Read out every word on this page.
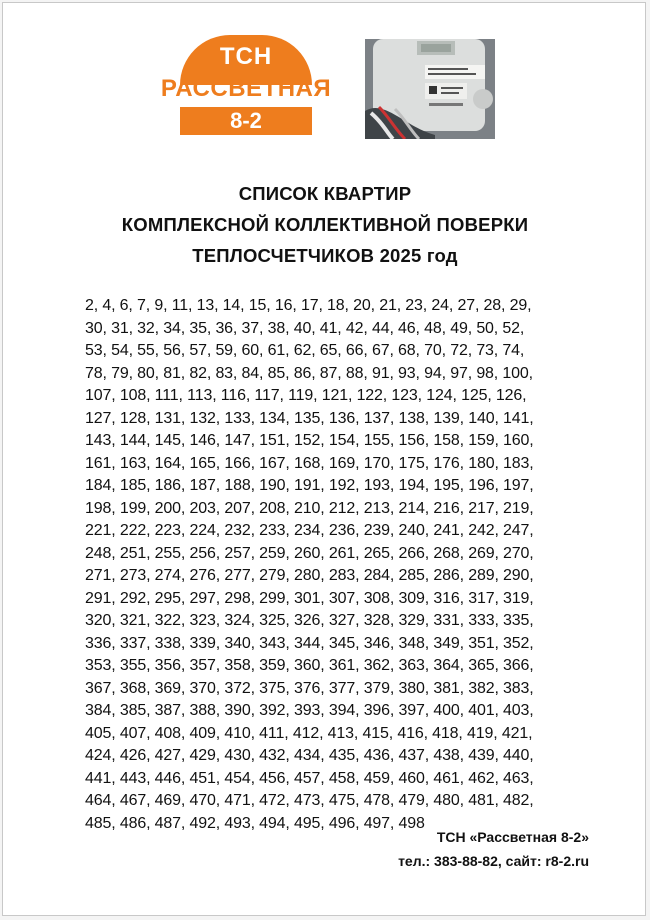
ТСН
РАССВЕТНАЯ
8-2
СПИСОК КВАРТИР
КОМПЛЕКСНОЙ КОЛЛЕКТИВНОЙ ПОВЕРКИ
ТЕПЛОСЧЕТЧИКОВ 2025 год
2, 4, 6, 7, 9, 11, 13, 14, 15, 16, 17, 18, 20, 21, 23, 24, 27, 28, 29,
30, 31, 32, 34, 35, 36, 37, 38, 40, 41, 42, 44, 46, 48, 49, 50, 52,
53, 54, 55, 56, 57, 59, 60, 61, 62, 65, 66, 67, 68, 70, 72, 73, 74,
78, 79, 80, 81, 82, 83, 84, 85, 86, 87, 88, 91, 93, 94, 97, 98, 100,
107, 108, 111, 113, 116, 117, 119, 121, 122, 123, 124, 125, 126,
127, 128, 131, 132, 133, 134, 135, 136, 137, 138, 139, 140, 141,
143, 144, 145, 146, 147, 151, 152, 154, 155, 156, 158, 159, 160,
161, 163, 164, 165, 166, 167, 168, 169, 170, 175, 176, 180, 183,
184, 185, 186, 187, 188, 190, 191, 192, 193, 194, 195, 196, 197,
198, 199, 200, 203, 207, 208, 210, 212, 213, 214, 216, 217, 219,
221, 222, 223, 224, 232, 233, 234, 236, 239, 240, 241, 242, 247,
248, 251, 255, 256, 257, 259, 260, 261, 265, 266, 268, 269, 270,
271, 273, 274, 276, 277, 279, 280, 283, 284, 285, 286, 289, 290,
291, 292, 295, 297, 298, 299, 301, 307, 308, 309, 316, 317, 319,
320, 321, 322, 323, 324, 325, 326, 327, 328, 329, 331, 333, 335,
336, 337, 338, 339, 340, 343, 344, 345, 346, 348, 349, 351, 352,
353, 355, 356, 357, 358, 359, 360, 361, 362, 363, 364, 365, 366,
367, 368, 369, 370, 372, 375, 376, 377, 379, 380, 381, 382, 383,
384, 385, 387, 388, 390, 392, 393, 394, 396, 397, 400, 401, 403,
405, 407, 408, 409, 410, 411, 412, 413, 415, 416, 418, 419, 421,
424, 426, 427, 429, 430, 432, 434, 435, 436, 437, 438, 439, 440,
441, 443, 446, 451, 454, 456, 457, 458, 459, 460, 461, 462, 463,
464, 467, 469, 470, 471, 472, 473, 475, 478, 479, 480, 481, 482,
485, 486, 487, 492, 493, 494, 495, 496, 497, 498
ТСН «Рассветная 8-2»
тел.: 383-88-82, сайт: r8-2.ru
